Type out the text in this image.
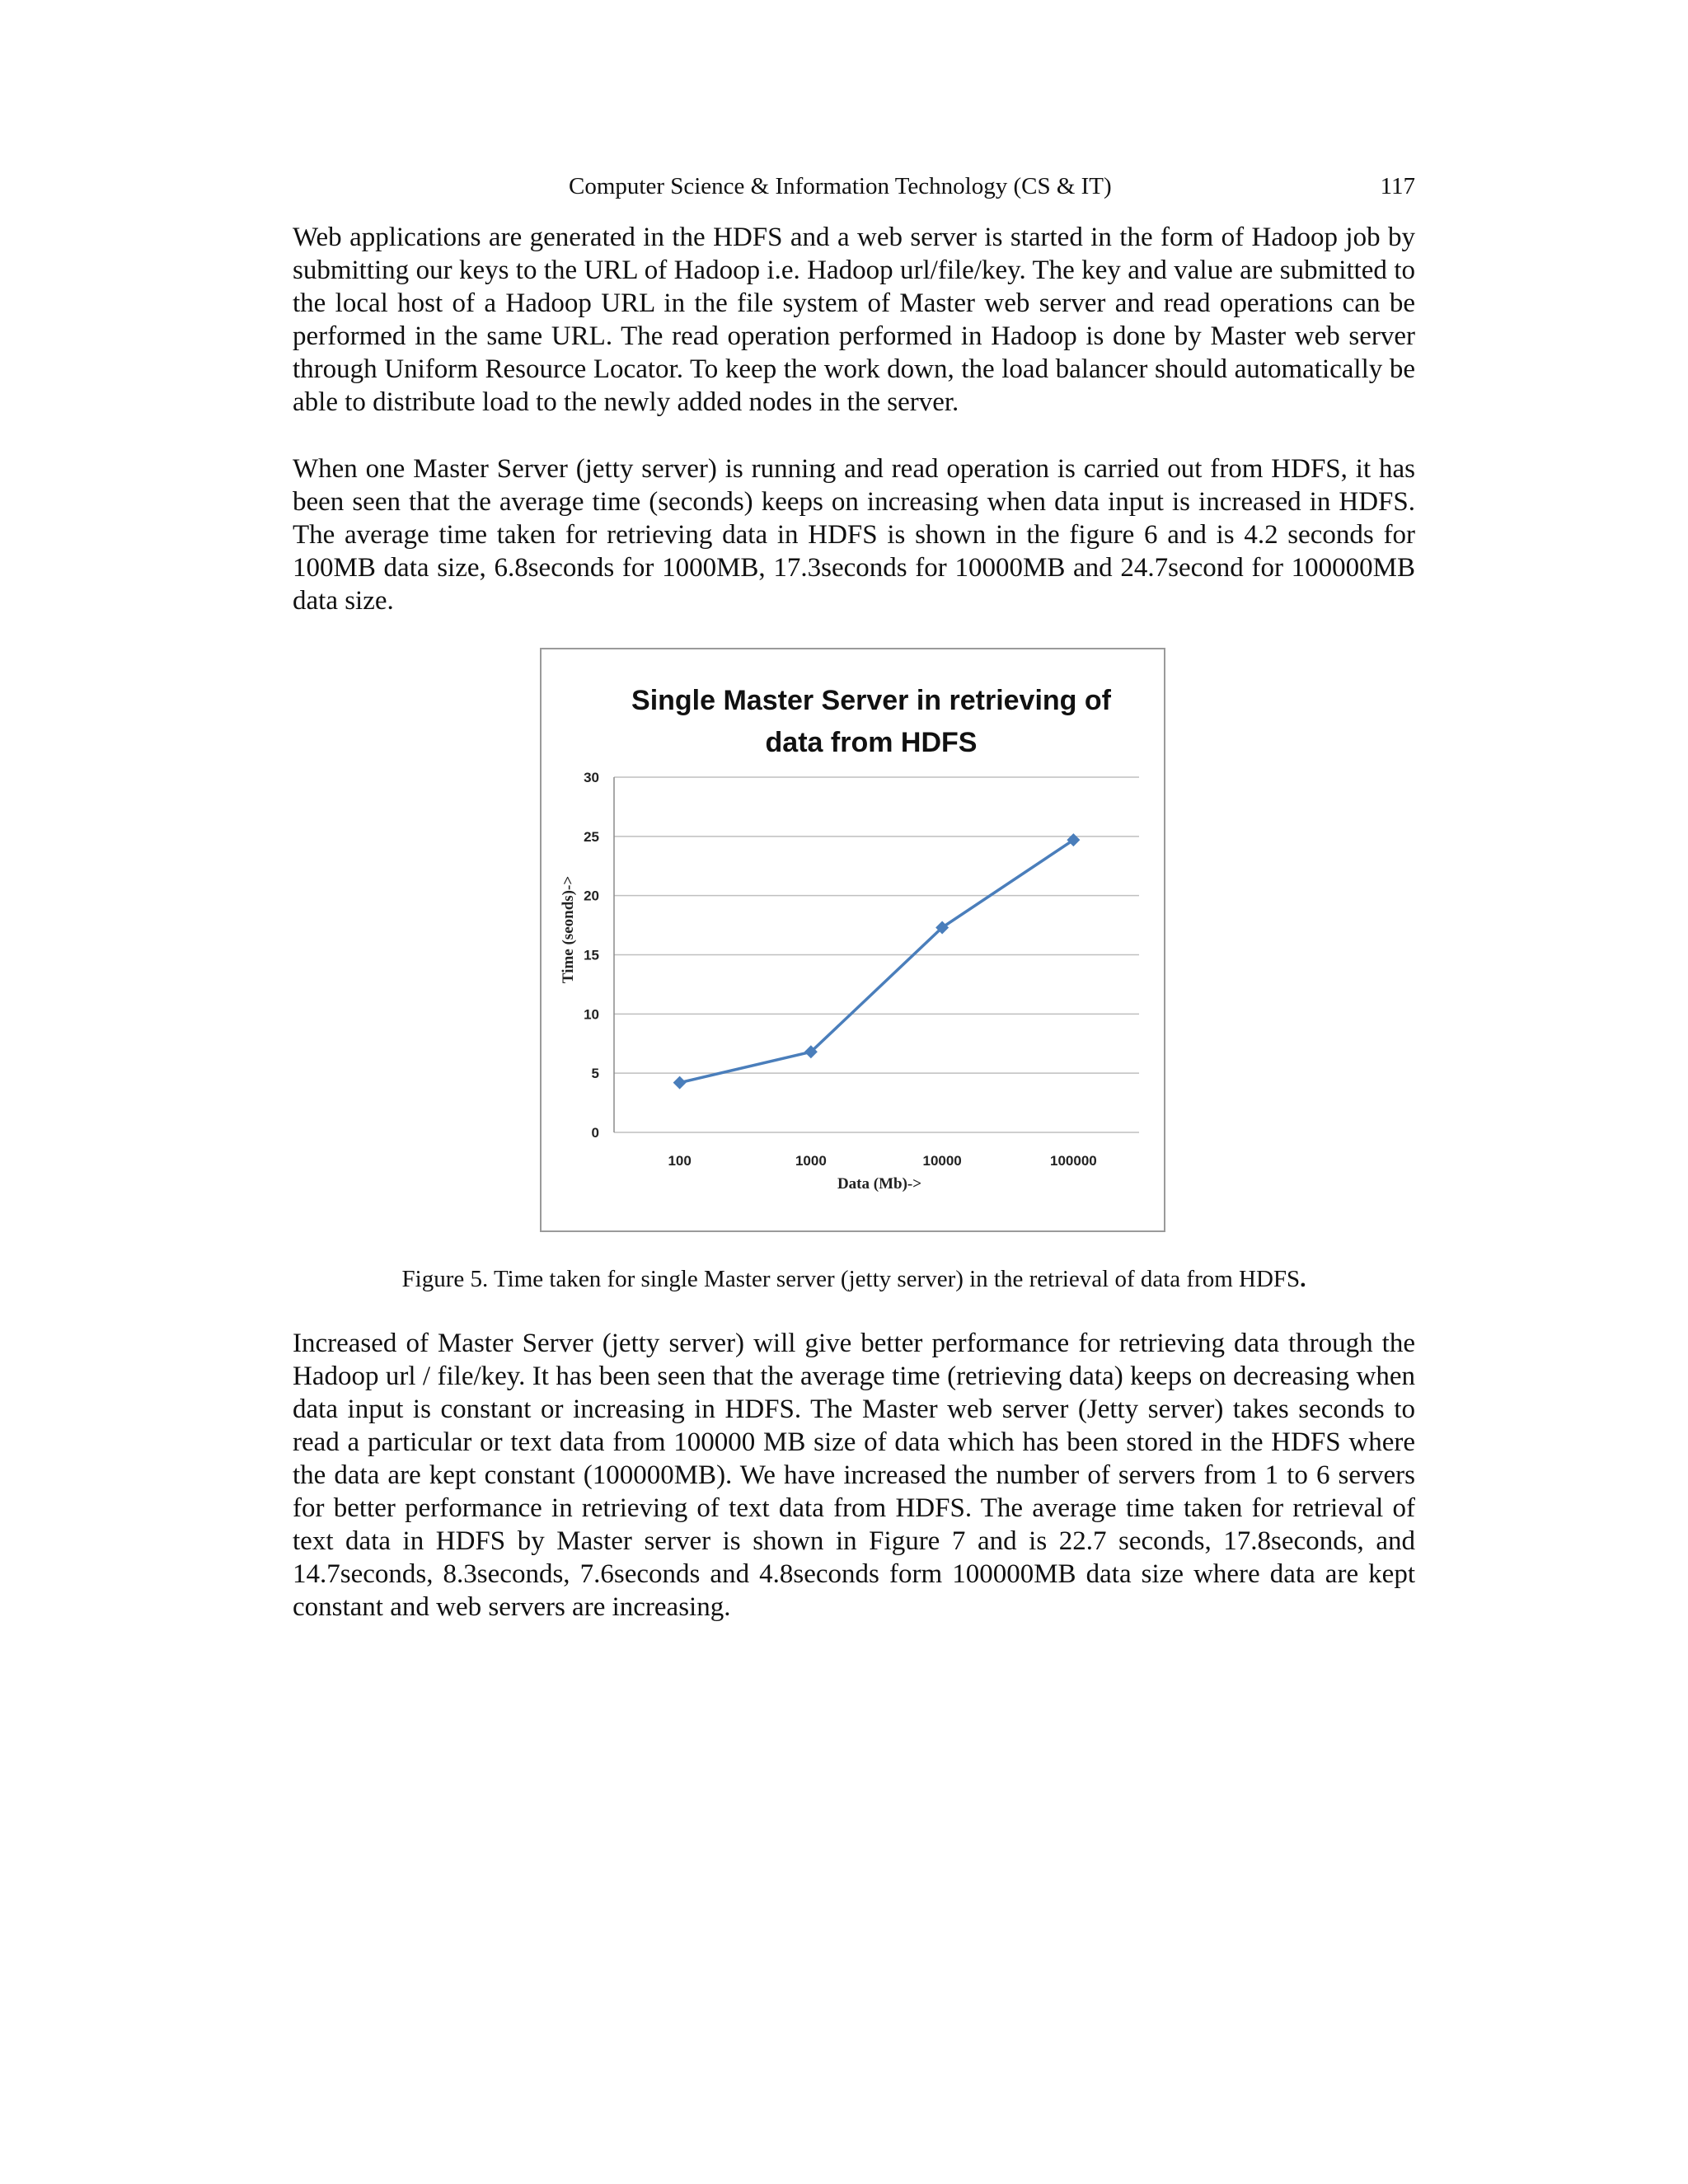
Computer Science & Information Technology (CS & IT)	117
Web applications are generated in the HDFS and a web server is started in the form of Hadoop job by submitting our keys to the URL of Hadoop i.e. Hadoop url/file/key. The key and value are submitted to the local host of a Hadoop URL in the file system of Master web server and read operations can be performed in the same URL. The read operation performed in Hadoop is done by Master web server through Uniform Resource Locator. To keep the work down, the load balancer should automatically be able to distribute load to the newly added nodes in the server.
When one Master Server (jetty server) is running and read operation is carried out from HDFS, it has been seen that the average time (seconds) keeps on increasing when data input is increased in HDFS. The average time taken for retrieving data in HDFS is shown in the figure 6 and is 4.2 seconds for 100MB data size, 6.8seconds for 1000MB, 17.3seconds for 10000MB and 24.7second for 100000MB data size.
0
5
10
15
20
25
30
100	1000	10000	100000
Single Master Server in retrieving of
data from HDFS
Data (Mb)->
Time (seonds)->
Figure 5. Time taken for single Master server (jetty server) in the retrieval of data from HDFS.
Increased of Master Server (jetty server) will give better performance for retrieving data through the Hadoop url / file/key. It has been seen that the average time (retrieving data) keeps on decreasing when data input is constant or increasing in HDFS. The Master web server (Jetty server) takes seconds to read a particular or text data from 100000 MB size of data which has been stored in the HDFS where the data are kept constant (100000MB). We have increased the number of servers from 1 to 6 servers for better performance in retrieving of text data from HDFS. The average time taken for retrieval of text data in HDFS by Master server is shown in Figure 7 and is 22.7 seconds, 17.8seconds, and 14.7seconds, 8.3seconds, 7.6seconds and 4.8seconds form 100000MB data size where data are kept constant and web servers are increasing.
